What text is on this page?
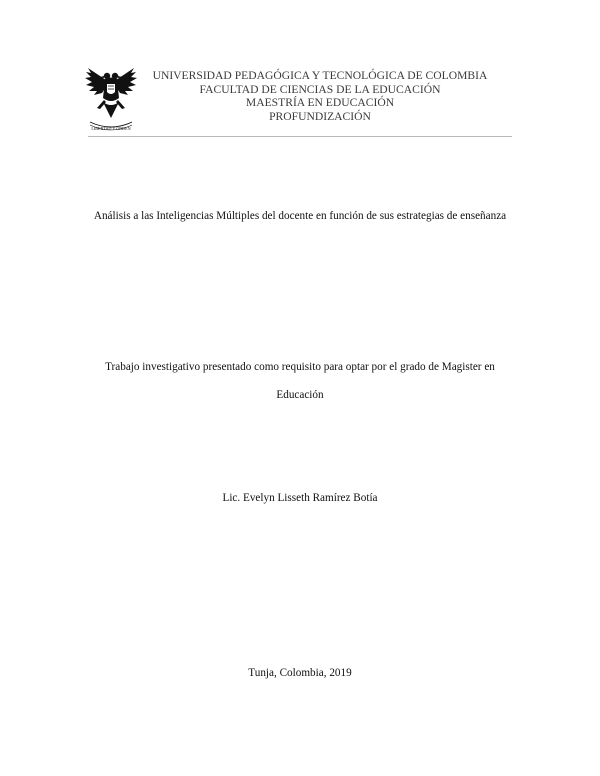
LIBERTAD Y ORDEN
UNIVERSIDAD PEDAGÓGICA Y TECNOLÓGICA DE COLOMBIA
FACULTAD DE CIENCIAS DE LA EDUCACIÓN
MAESTRÍA EN EDUCACIÓN
PROFUNDIZACIÓN
Análisis a las Inteligencias Múltiples del docente en función de sus estrategias de enseñanza
Trabajo investigativo presentado como requisito para optar por el grado de Magister en
Educación
Lic. Evelyn Lisseth Ramírez Botía
Tunja, Colombia, 2019
